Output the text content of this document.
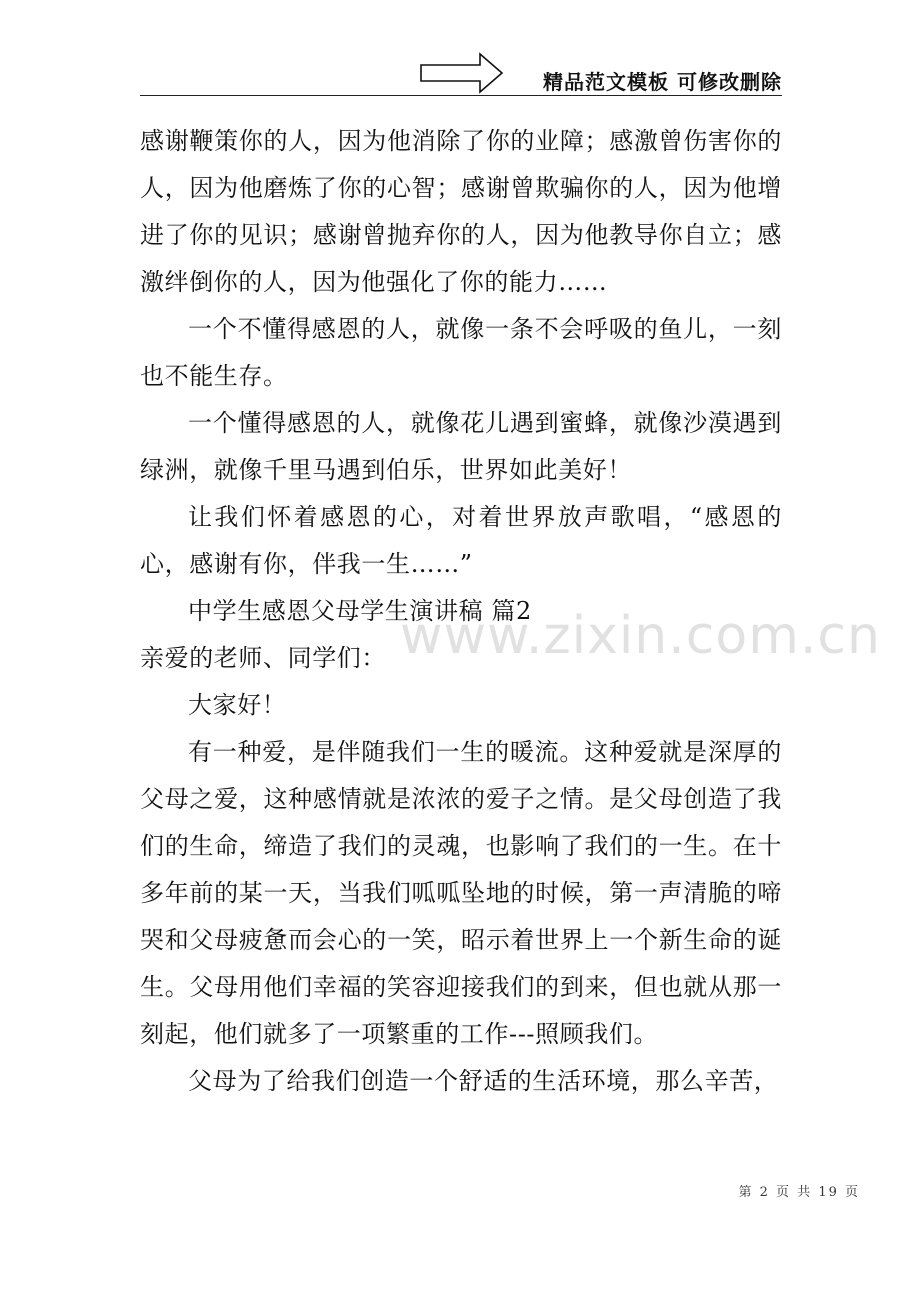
精品范文模板 可修改删除

感谢鞭策你的人，因为他消除了你的业障；感激曾伤害你的人，因为他磨炼了你的心智；感谢曾欺骗你的人，因为他增进了你的见识；感谢曾抛弃你的人，因为他教导你自立；感激绊倒你的人，因为他强化了你的能力……

一个不懂得感恩的人，就像一条不会呼吸的鱼儿，一刻也不能生存。

一个懂得感恩的人，就像花儿遇到蜜蜂，就像沙漠遇到绿洲，就像千里马遇到伯乐，世界如此美好！

让我们怀着感恩的心，对着世界放声歌唱，“感恩的心，感谢有你，伴我一生……”

中学生感恩父母学生演讲稿 篇2

亲爱的老师、同学们：

大家好！

有一种爱，是伴随我们一生的暖流。这种爱就是深厚的父母之爱，这种感情就是浓浓的爱子之情。是父母创造了我们的生命，缔造了我们的灵魂，也影响了我们的一生。在十多年前的某一天，当我们呱呱坠地的时候，第一声清脆的啼哭和父母疲惫而会心的一笑，昭示着世界上一个新生命的诞生。父母用他们幸福的笑容迎接我们的到来，但也就从那一刻起，他们就多了一项繁重的工作---照顾我们。

父母为了给我们创造一个舒适的生活环境，那么辛苦，

www.zixin.com.cn
第 2 页 共 19 页
